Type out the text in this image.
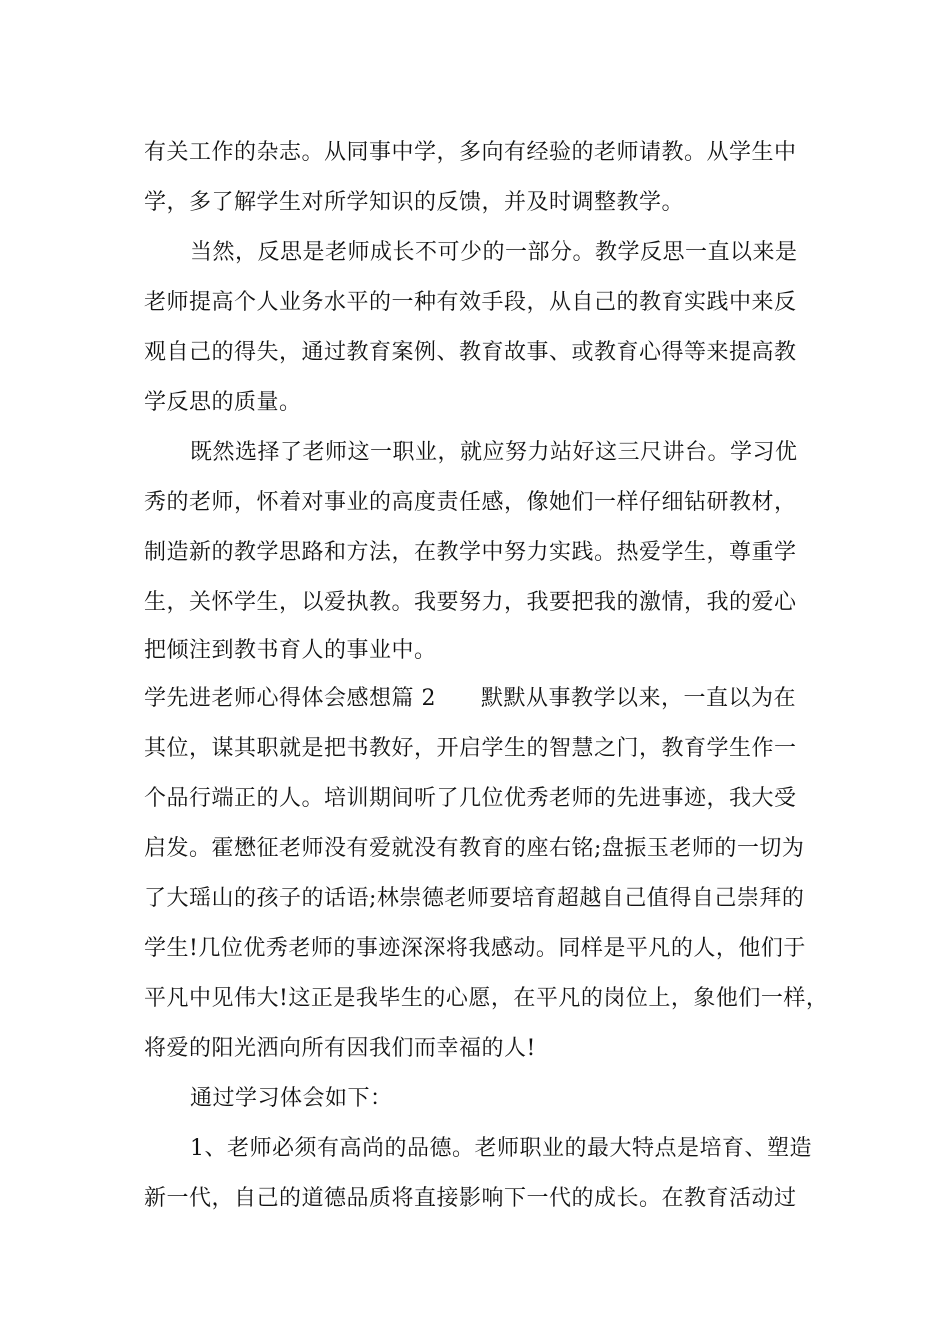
有关工作的杂志。从同事中学，多向有经验的老师请教。从学生中
学，多了解学生对所学知识的反馈，并及时调整教学。
当然，反思是老师成长不可少的一部分。教学反思一直以来是
老师提高个人业务水平的一种有效手段，从自己的教育实践中来反
观自己的得失，通过教育案例、教育故事、或教育心得等来提高教
学反思的质量。
既然选择了老师这一职业，就应努力站好这三尺讲台。学习优
秀的老师，怀着对事业的高度责任感，像她们一样仔细钻研教材，
制造新的教学思路和方法，在教学中努力实践。热爱学生，尊重学
生，关怀学生，以爱执教。我要努力，我要把我的激情，我的爱心
把倾注到教书育人的事业中。
学先进老师心得体会感想篇 2　　默默从事教学以来，一直以为在
其位，谋其职就是把书教好，开启学生的智慧之门，教育学生作一
个品行端正的人。培训期间听了几位优秀老师的先进事迹，我大受
启发。霍懋征老师没有爱就没有教育的座右铭;盘振玉老师的一切为
了大瑶山的孩子的话语;林崇德老师要培育超越自己值得自己崇拜的
学生!几位优秀老师的事迹深深将我感动。同样是平凡的人，他们于
平凡中见伟大!这正是我毕生的心愿，在平凡的岗位上，象他们一样，
将爱的阳光洒向所有因我们而幸福的人!
通过学习体会如下：
1、老师必须有高尚的品德。老师职业的最大特点是培育、塑造
新一代，自己的道德品质将直接影响下一代的成长。在教育活动过
